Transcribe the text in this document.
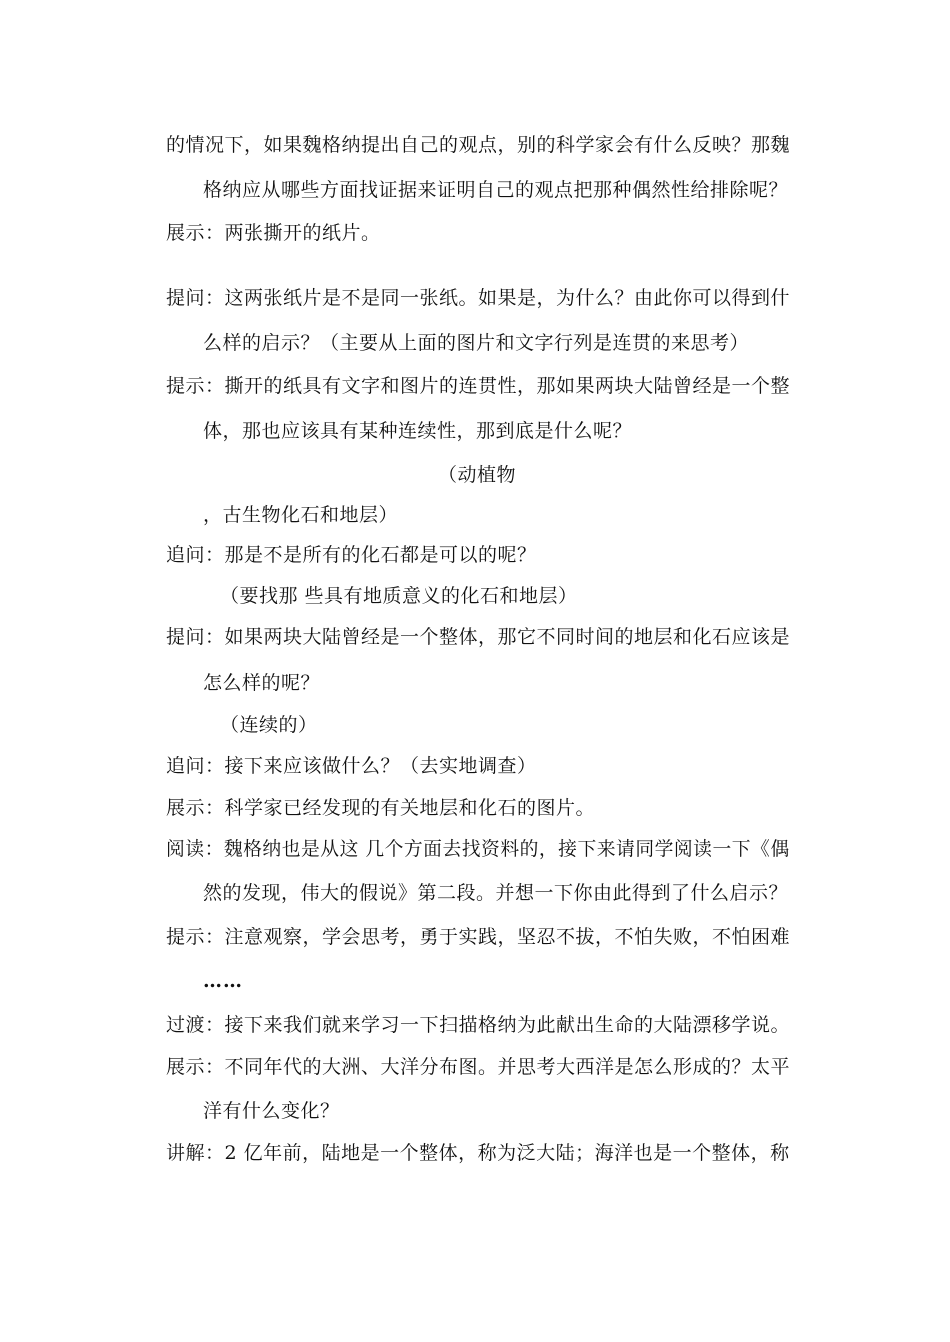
的情况下，如果魏格纳提出自己的观点，别的科学家会有什么反映？那魏
格纳应从哪些方面找证据来证明自己的观点把那种偶然性给排除呢？
展示：两张撕开的纸片。
提问：这两张纸片是不是同一张纸。如果是，为什么？由此你可以得到什
么样的启示？（主要从上面的图片和文字行列是连贯的来思考）
提示：撕开的纸具有文字和图片的连贯性，那如果两块大陆曾经是一个整
体，那也应该具有某种连续性，那到底是什么呢？
（动植物
，古生物化石和地层）
追问：那是不是所有的化石都是可以的呢？
（要找那 些具有地质意义的化石和地层）
提问：如果两块大陆曾经是一个整体，那它不同时间的地层和化石应该是
怎么样的呢？
（连续的）
追问：接下来应该做什么？（去实地调查）
展示：科学家已经发现的有关地层和化石的图片。
阅读：魏格纳也是从这 几个方面去找资料的，接下来请同学阅读一下《偶
然的发现，伟大的假说》第二段。并想一下你由此得到了什么启示？
提示：注意观察，学会思考，勇于实践，坚忍不拔，不怕失败，不怕困难
……
过渡：接下来我们就来学习一下扫描格纳为此献出生命的大陆漂移学说。
展示：不同年代的大洲、大洋分布图。并思考大西洋是怎么形成的？太平
洋有什么变化？
讲解：2 亿年前，陆地是一个整体，称为泛大陆；海洋也是一个整体，称
